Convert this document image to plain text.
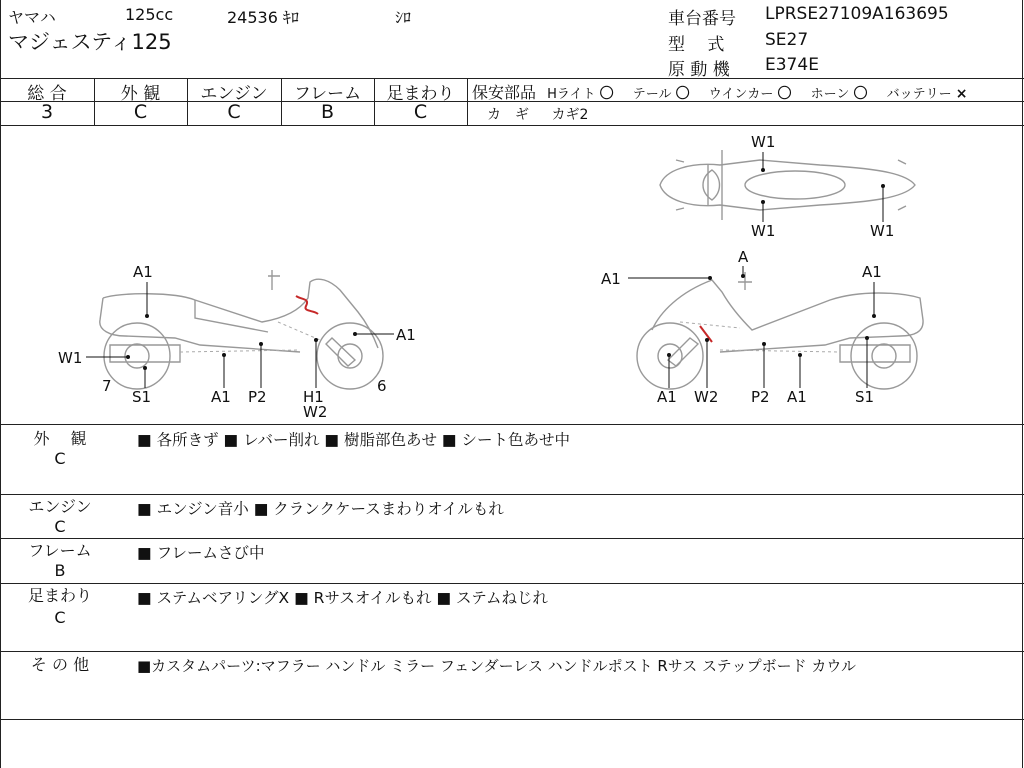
ヤマハ	125cc	24536 ｷﾛ	ｼﾛ
マジェスティ125
車台番号 LPRSE27109A163695
型　 式 SE27
原 動 機 E374E
総 合
3
外 観
C
エンジン
C
フレーム
B
足まわり
C
保安部品 Hライト 〇 テール 〇 ウインカー 〇 ホーン 〇 バッテリー ×
カ　ギ カギ2
A1
A1
W1
7
S1	A1 P2 H1
W2
6
W1
W1	W1
A1
A
A1
A1 W2 P2 A1	S1
外　 観
C
■ 各所きず ■ レバー削れ ■ 樹脂部色あせ ■ シート色あせ中
エンジン
C
■ エンジン音小 ■ クランクケースまわりオイルもれ
フレーム
B
■ フレームさび中
足まわり
C
■ ステムベアリングX ■ Rサスオイルもれ ■ ステムねじれ
そ の 他	■カスタムパーツ:マフラー ハンドル ミラー フェンダーレス ハンドルポスト Rサス ステップボード カウル
